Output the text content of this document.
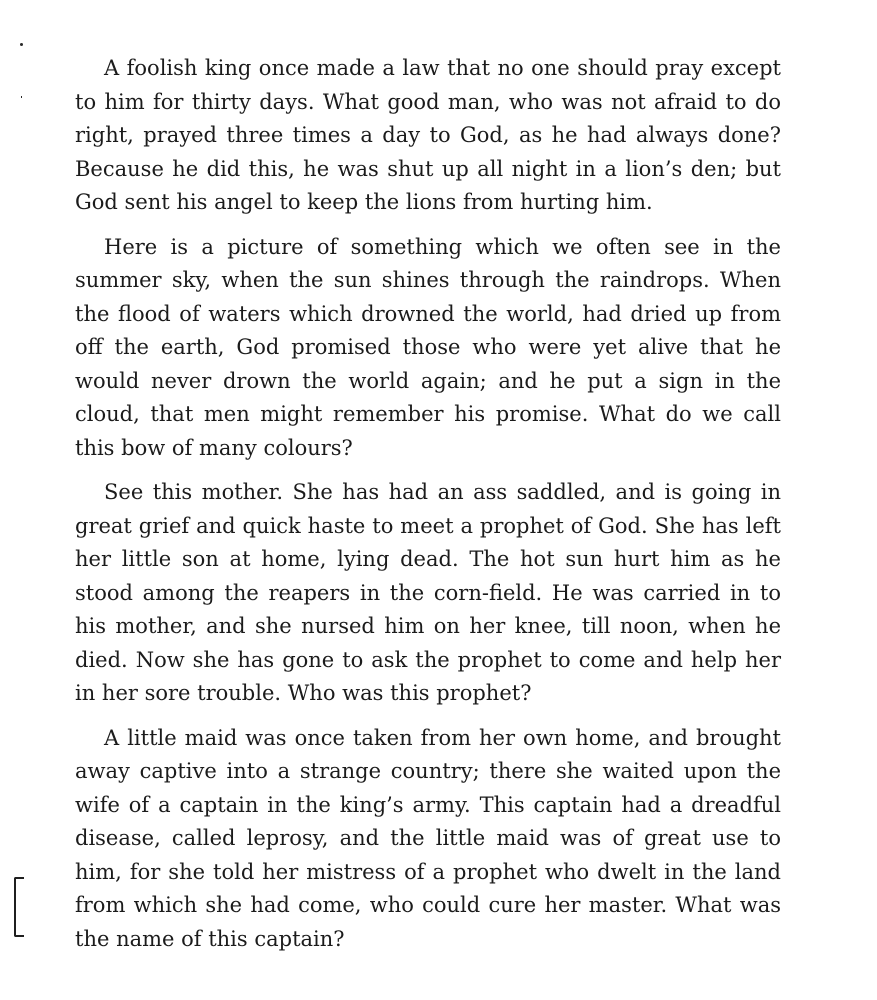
A foolish king once made a law that no one should pray except to him for thirty days. What good man, who was not afraid to do right, prayed three times a day to God, as he had always done? Because he did this, he was shut up all night in a lion’s den; but God sent his angel to keep the lions from hurting him.

Here is a picture of something which we often see in the summer sky, when the sun shines through the raindrops. When the flood of waters which drowned the world, had dried up from off the earth, God promised those who were yet alive that he would never drown the world again; and he put a sign in the cloud, that men might remember his promise. What do we call this bow of many colours?

See this mother. She has had an ass saddled, and is going in great grief and quick haste to meet a prophet of God. She has left her little son at home, lying dead. The hot sun hurt him as he stood among the reapers in the corn-field. He was carried in to his mother, and she nursed him on her knee, till noon, when he died. Now she has gone to ask the prophet to come and help her in her sore trouble. Who was this prophet?

A little maid was once taken from her own home, and brought away captive into a strange country; there she waited upon the wife of a captain in the king’s army. This captain had a dreadful disease, called leprosy, and the little maid was of great use to him, for she told her mistress of a prophet who dwelt in the land from which she had come, who could cure her master. What was the name of this captain?
